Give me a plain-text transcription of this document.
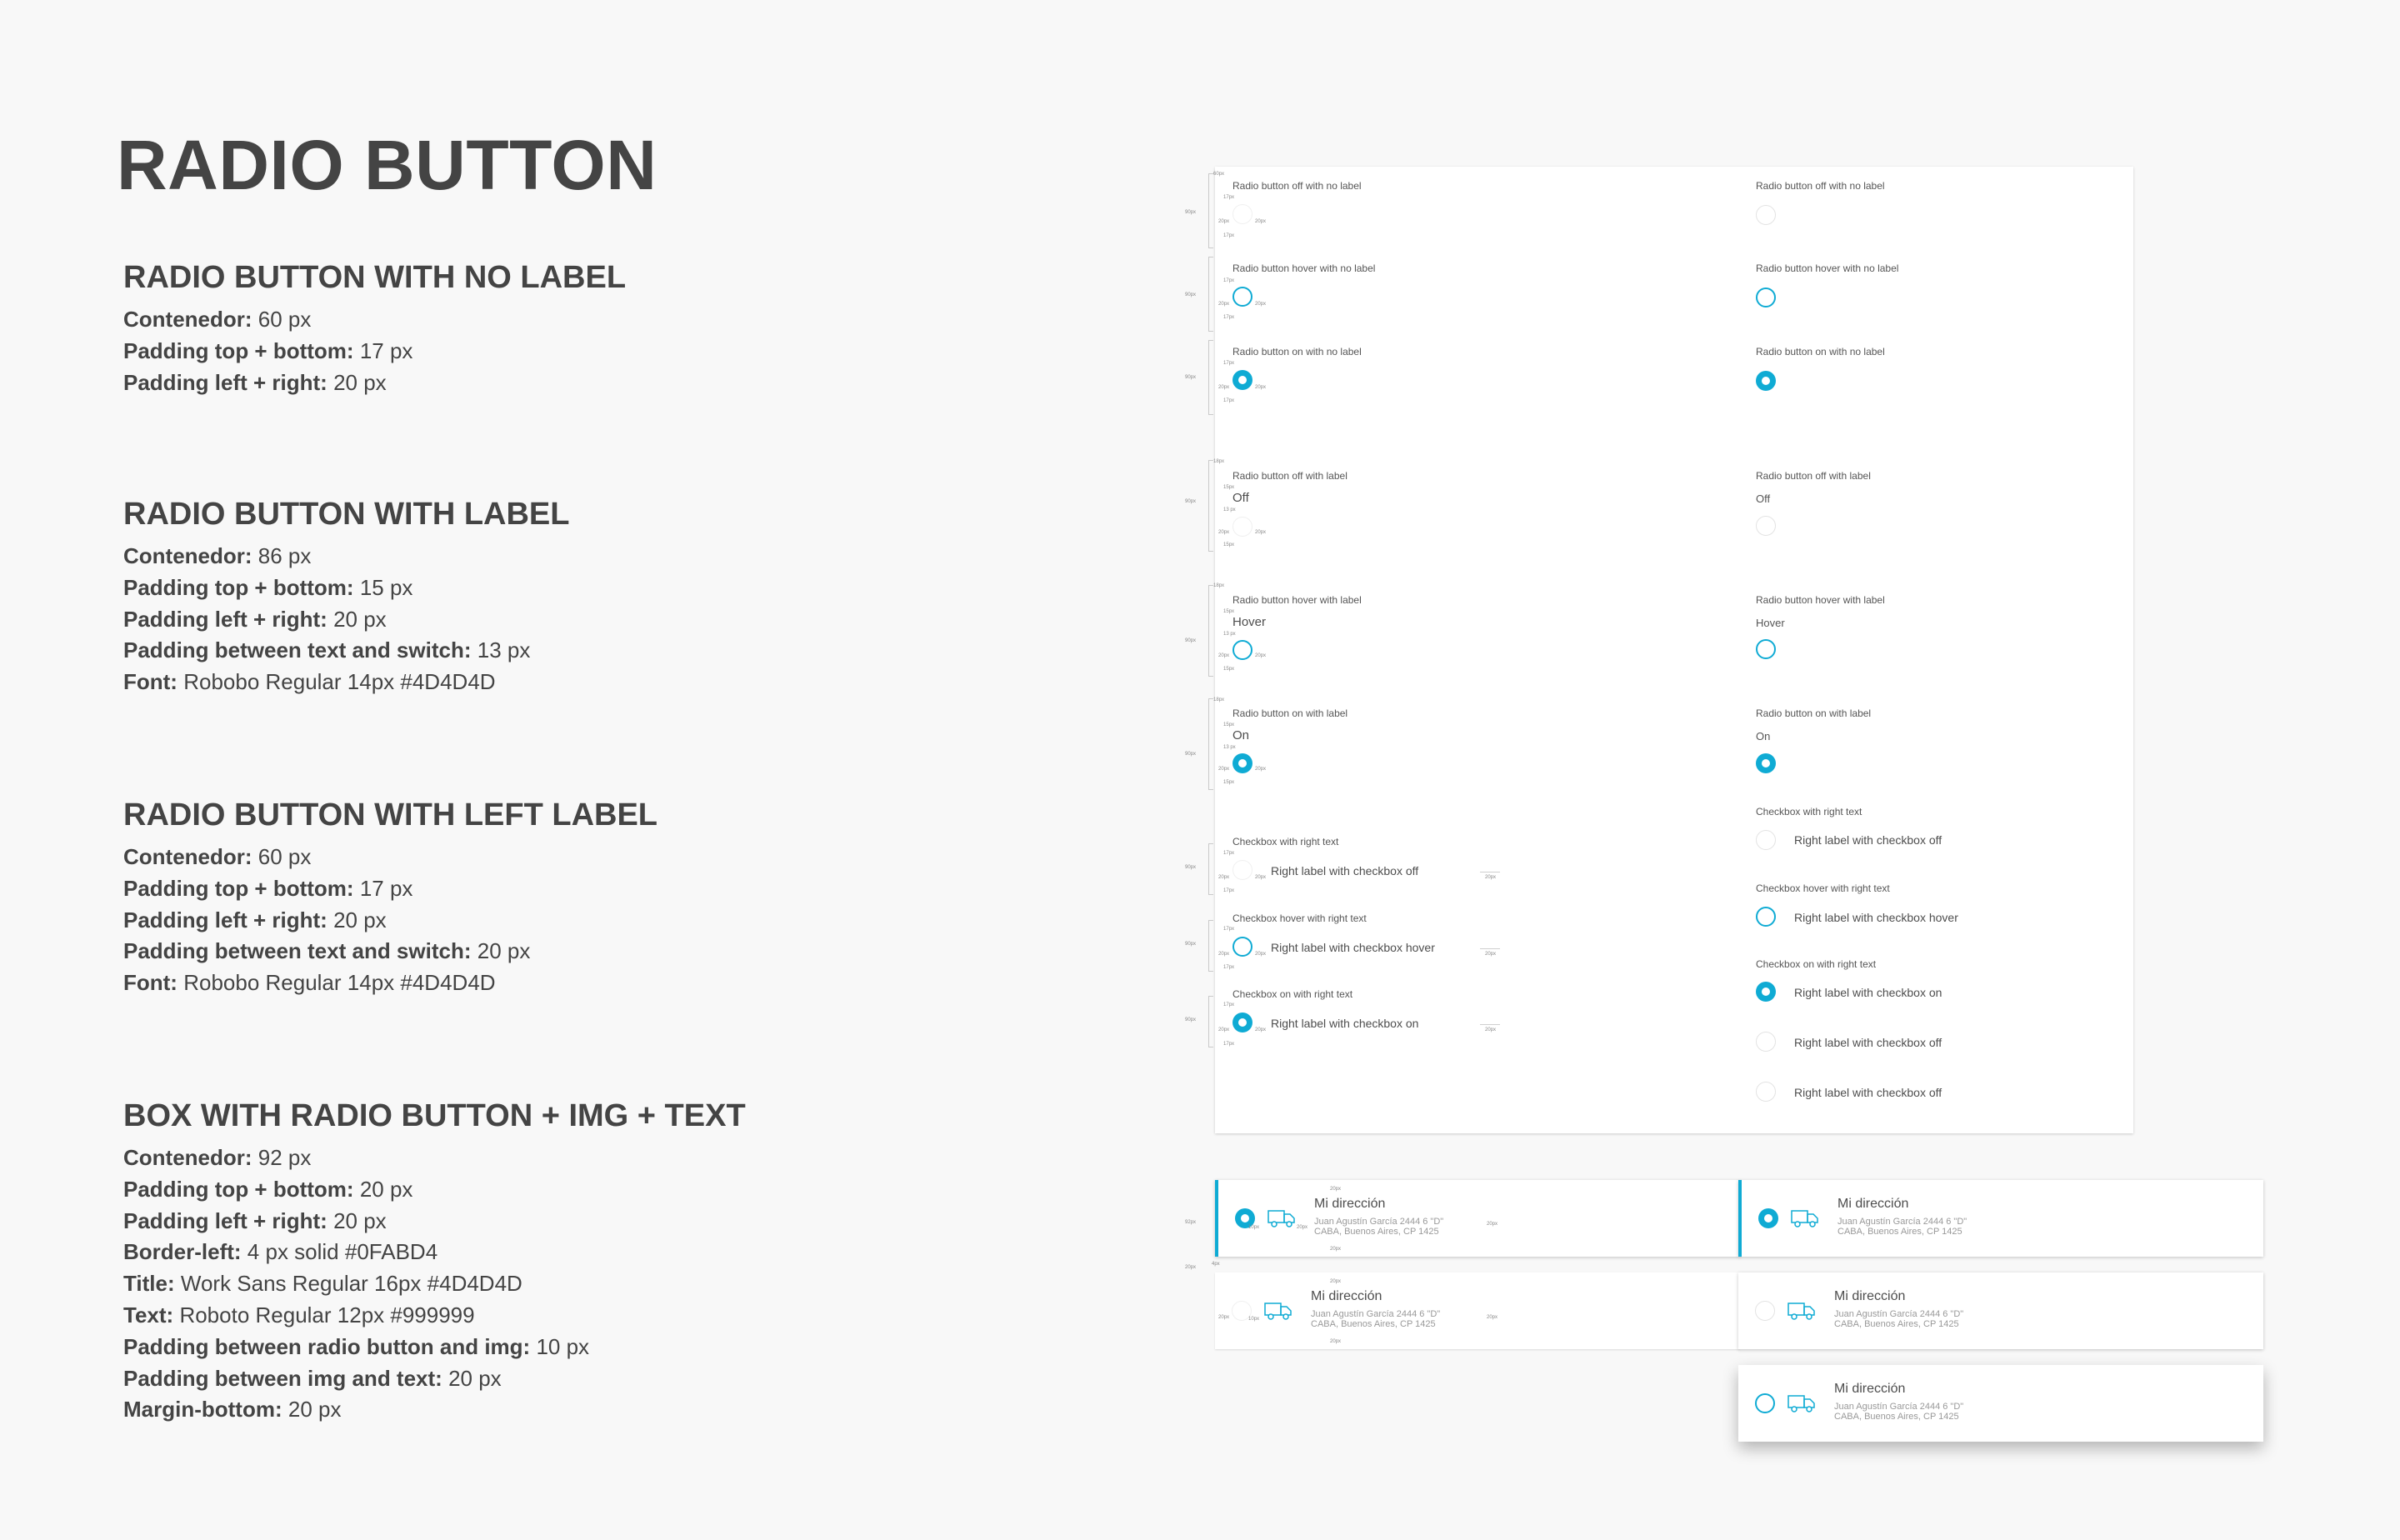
RADIO BUTTON
RADIO BUTTON WITH NO LABEL
Contenedor: 60 px
Padding top + bottom: 17 px
Padding left + right: 20 px
RADIO BUTTON WITH LABEL
Contenedor: 86 px
Padding top + bottom: 15 px
Padding left + right: 20 px
Padding between text and switch: 13 px
Font: Robobo Regular 14px #4D4D4D
RADIO BUTTON WITH LEFT LABEL
Contenedor: 60 px
Padding top + bottom: 17 px
Padding left + right: 20 px
Padding between text and switch: 20 px
Font: Robobo Regular 14px #4D4D4D
BOX WITH RADIO BUTTON + IMG + TEXT
Contenedor: 92 px
Padding top + bottom: 20 px
Padding left + right: 20 px
Border-left: 4 px solid #0FABD4
Title: Work Sans Regular 16px #4D4D4D
Text: Roboto Regular 12px #999999
Padding between radio button and img: 10 px
Padding between img and text: 20 px
Margin-bottom: 20 px
90px
60px
17px
20px	20px
17px
90px
17px
20px	20px
17px
90px
17px
20px	20px
17px
90px
18px
15px
13 px
20px	20px
15px
90px
18px
15px
13 px
20px	20px
15px
90px
18px
15px
13 px
20px	20px
15px
90px
17px
20px	20px
17px
20px
90px
17px
20px	20px
17px
20px
90px
17px
20px	20px
17px
20px
Radio button off with no label
Radio button hover with no label
Radio button on with no label
Radio button off with label
Off
Radio button hover with label
Hover
Radio button on with label
On
Checkbox with right text
Right label with checkbox off
Checkbox hover with right text
Right label with checkbox hover
Checkbox on with right text
Right label with checkbox on
Radio button off with no label
Radio button hover with no label
Radio button on with no label
Radio button off with label
Off
Radio button hover with label
Hover
Radio button on with label
On
Checkbox with right text
Right label with checkbox off
Checkbox hover with right text
Right label with checkbox hover
Checkbox on with right text
Right label with checkbox on
Right label with checkbox off
Right label with checkbox off
Mi dirección
Juan Agustín García 2444 6 "D"
CABA, Buenos Aires, CP 1425
Mi dirección
Juan Agustín García 2444 6 "D"
CABA, Buenos Aires, CP 1425
92px
20px
4px
20px
20px
10px	20px
20px
20px
20px
20px	10px	20px
Mi dirección
Juan Agustín García 2444 6 "D"
CABA, Buenos Aires, CP 1425
Mi dirección
Juan Agustín García 2444 6 "D"
CABA, Buenos Aires, CP 1425
Mi dirección
Juan Agustín García 2444 6 "D"
CABA, Buenos Aires, CP 1425
